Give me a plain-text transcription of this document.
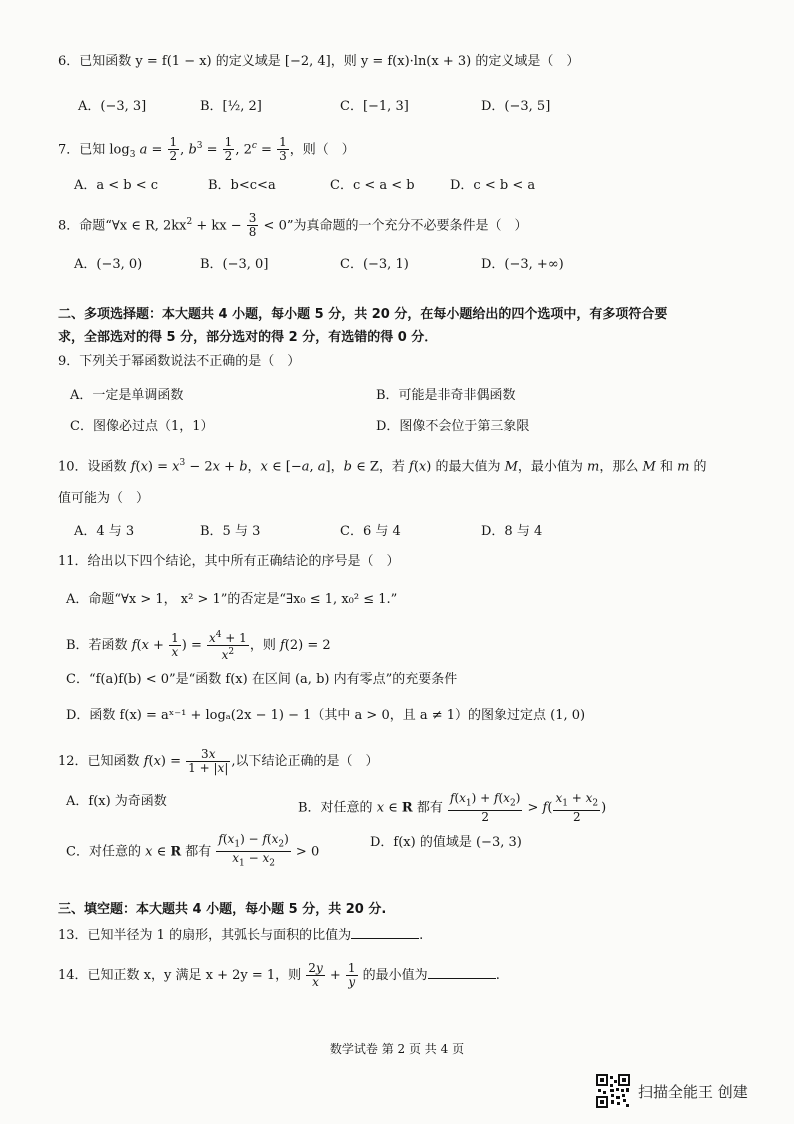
6．已知函数 y = f(1 − x) 的定义域是 [−2, 4]，则 y = f(x)·ln(x + 3) 的定义域是（　）
A．(−3, 3]	B．[½, 2]	C．[−1, 3]	D．(−3, 5]
7．已知 $\log_3 a = \frac{1}{2}$ , $b^3 = \frac{1}{2}$ , $2^c = \frac{1}{3}$ ，则（　）
A．a < b < c	B．b<c<a	C．c < a < b	D．c < b < a
8．命题“∀x ∈ R, $2kx^2$ + kx − $\frac{3}{8} < 0$”为真命题的一个充分不必要条件是（　）
A．(−3, 0)	B．(−3, 0]	C．(−3, 1)	D．(−3, +∞)
二、多项选择题：本大题共 4 小题，每小题 5 分，共 20 分，在每小题给出的四个选项中，有多项符合要
求，全部选对的得 5 分，部分选对的得 2 分，有选错的得 0 分．
9．下列关于幂函数说法不正确的是（　）
A．一定是单调函数	B．可能是非奇非偶函数
C．图像必过点（1，1）	D．图像不会位于第三象限
10．设函数 $f(x) = x^3 - 2x + b$，x ∈ [−a, a]，b ∈ Z，若 f(x) 的最大值为 M，最小值为 m，那么 M 和 m 的
值可能为（　）
A．4 与 3	B．5 与 3	C．6 与 4	D．8 与 4
11．给出以下四个结论，其中所有正确结论的序号是（　）
A．命题“∀x > 1， x² > 1”的否定是“∃x₀ ≤ 1, x₀² ≤ 1.”
B．若函数 $f(x + \frac{1}{x}$ ) = $\frac{x^4 + 1}{x^2}$ ，则 f(2) = 2
C．“f(a)f(b) < 0”是“函数 f(x) 在区间 (a, b) 内有零点”的充要条件
D．函数 f(x) = aˣ⁻¹ + logₐ(2x − 1) − 1（其中 a > 0，且 a ≠ 1）的图象过定点 (1, 0)
12．已知函数 $f(x) = \frac{3x}{1 + |x|}$ ,以下结论正确的是（　）
A．f(x) 为奇函数	B．对任意的 x ∈ R 都有 $\frac{f(x_1) + f(x_2)}{2} > f( \frac{x_1 + x_2}{2}$ )
C．对任意的 x ∈ R 都有 $\frac{f(x_1) - f(x_2)}{x_1 - x_2} > 0$
D．f(x) 的值域是 (−3, 3)
三、填空题：本大题共 4 小题，每小题 5 分，共 20 分.
13．已知半径为 1 的扇形，其弧长与面积的比值为	.
14．已知正数 x，y 满足 x + 2y = 1，则 $\frac{2y}{x} + \frac{1}{y}$ 的最小值为	.
数学试卷 第 2 页 共 4 页
扫描全能王 创建
